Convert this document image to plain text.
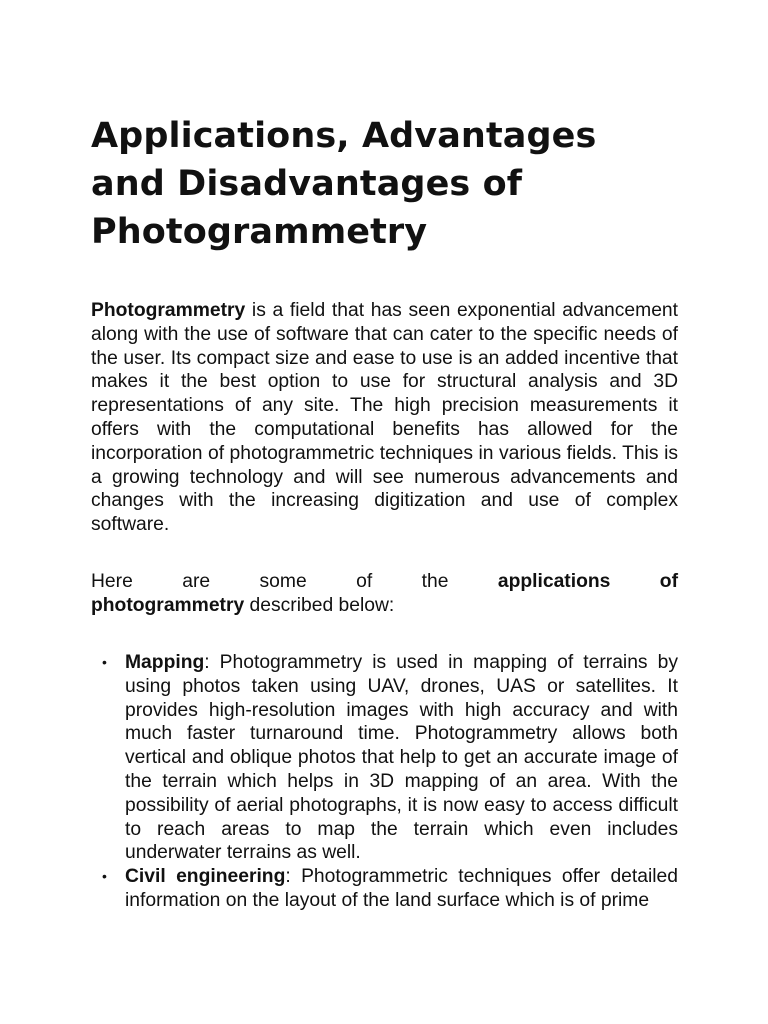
Applications, Advantages and Disadvantages of Photogrammetry

Photogrammetry is a field that has seen exponential advancement along with the use of software that can cater to the specific needs of the user. Its compact size and ease to use is an added incentive that makes it the best option to use for structural analysis and 3D representations of any site. The high precision measurements it offers with the computational benefits has allowed for the incorporation of photogrammetric techniques in various fields. This is a growing technology and will see numerous advancements and changes with the increasing digitization and use of complex software.

Here are some of the applications of
photogrammetry described below:

• Mapping: Photogrammetry is used in mapping of terrains by using photos taken using UAV, drones, UAS or satellites. It provides high-resolution images with high accuracy and with much faster turnaround time. Photogrammetry allows both vertical and oblique photos that help to get an accurate image of the terrain which helps in 3D mapping of an area. With the possibility of aerial photographs, it is now easy to access difficult to reach areas to map the terrain which even includes underwater terrains as well.
• Civil engineering: Photogrammetric techniques offer detailed information on the layout of the land surface which is of prime
